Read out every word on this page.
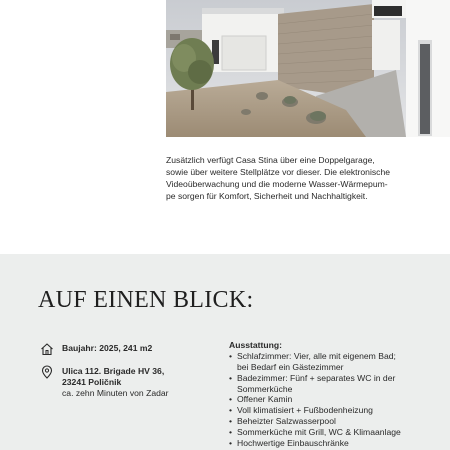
Zusätzlich verfügt Casa Stina über eine Doppelgarage,

sowie über weitere Stellplätze vor dieser. Die elektronische

Videoüberwachung und die moderne Wasser-Wärmepum-

pe sorgen für Komfort, Sicherheit und Nachhaltigkeit.

AUF EINEN BLICK:
Baujahr: 2025, 241 m2
Ulica 112. Brigade HV 36,
23241 Poličnik
ca. zehn Minuten von Zadar
Ausstattung:
• Schlafzimmer: Vier, alle mit eigenem Bad;
bei Bedarf ein Gästezimmer
• Badezimmer: Fünf + separates WC in der
Sommerküche
• Offener Kamin
• Voll klimatisiert + Fußbodenheizung
• Beheizter Salzwasserpool
• Sommerküche mit Grill, WC & Klimaanlage
• Hochwertige Einbauschränke
